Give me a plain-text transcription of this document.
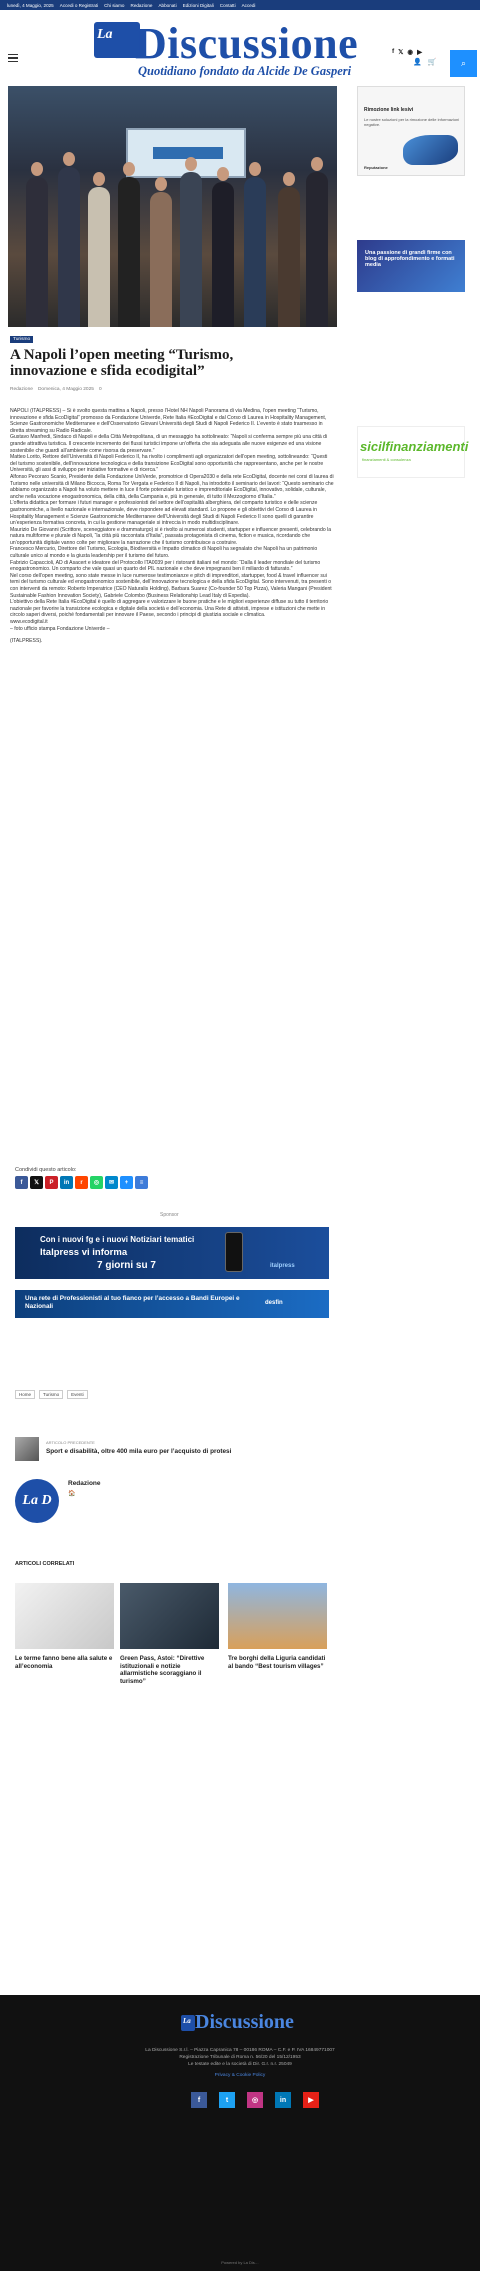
lunedì, 4 Maggio, 2025 Accedi o Registrati Chi siamo Redazione Abbonati Edizioni Digitali Contatti Accedi
La Discussione
Quotidiano fondato da Alcide De Gasperi
f 𝕏 ◉ ▶
👤 🛒	⌕
Rimozione link lesivi
Le nostre soluzioni per la rimozione delle informazioni negative.
Reputazione
Una passione di grandi firme con blog di approfondimento e formati media
sicilfinanziamenti
finanziamenti & consulenza
Turismo
A Napoli l’open meeting “Turismo, innovazione e sfida ecodigital”
Redazione Domenica, 4 Maggio 2025 0

NAPOLI (ITALPRESS) – Si è svolto questa mattina a Napoli, presso l’Hotel NH Napoli Panorama di via Medina, l’open meeting “Turismo, innovazione e sfida EcoDigital” promosso da Fondazione Univerde, Rete Italia #EcoDigital e dal Corso di Laurea in Hospitality Management, Scienze Gastronomiche Mediterranee e dell’Osservatorio Giovani Università degli Studi di Napoli Federico II. L’evento è stato trasmesso in diretta streaming su Radio Radicale.

Gustavo Manfredi, Sindaco di Napoli e della Città Metropolitana, di un messaggio ha sottolineato: “Napoli si conferma sempre più una città di grande attrattiva turistica. Il crescente incremento dei flussi turistici impone un’offerta che sia adeguata alle nuove esigenze ed una visione sostenibile che guardi all’ambiente come risorsa da preservare.”

Matteo Lorito, Rettore dell’Università di Napoli Federico II, ha rivolto i complimenti agli organizzatori dell’open meeting, sottolineando: “Questi del turismo sostenibile, dell’innovazione tecnologica e della transizione EcoDigital sono opportunità che rappresentano, anche per le nostre Università, gli assi di sviluppo per iniziative formative e di ricerca.”

Alfonso Pecoraro Scanio, Presidente della Fondazione UniVerde, promotrice di Opera2030 e della rete EcoDigital, docente nei corsi di laurea di Turismo nelle università di Milano Bicocca, Roma Tor Vergata e Federico II di Napoli, ha introdotto il seminario dei lavori: “Questo seminario che abbiamo organizzato a Napoli ha voluto mettere in luce il forte potenziale turistico e imprenditoriale EcoDigital, innovativo, solidale, culturale, anche nella vocazione enogastronomica, della città, della Campania e, più in generale, di tutto il Mezzogiorno d’Italia.”

L’offerta didattica per formare i futuri manager e professionisti del settore dell’ospitalità alberghiera, del comparto turistico e delle scienze gastronomiche, a livello nazionale e internazionale, deve rispondere ad elevati standard. Lo propone e gli obiettivi del Corso di Laurea in Hospitality Management e Scienze Gastronomiche Mediterranee dell’Università degli Studi di Napoli Federico II sono quelli di garantire un’esperienza formativa concreta, in cui la gestione manageriale si intreccia in modo multidisciplinare.

Maurizio De Giovanni (Scrittore, sceneggiatore e drammaturgo) si è rivolto ai numerosi studenti, startupper e influencer presenti, celebrando la natura multiforme e plurale di Napoli, “la città più raccontata d’Italia”, passata protagonista di cinema, fiction e musica, ricordando che un’opportunità digitale vanno colte per migliorare la narrazione che il turismo contribuisce a costruire.

Francesco Mercurio, Direttore del Turismo, Ecologia, Biodiversità e Impatto climatico di Napoli ha segnalato che Napoli ha un patrimonio culturale unico al mondo e la giusta leadership per il turismo del futuro.

Fabrizio Capaccioli, AD di Asacert e ideatore del Protocollo ITA0039 per i ristoranti italiani nel mondo: “Dalla il leader mondiale del turismo enogastronomico. Un comparto che vale quasi un quarto del PIL nazionale e che deve impegnarsi ben il miliardo di fatturato.”

Nel corso dell’open meeting, sono state messe in luce numerose testimonianze e pitch di imprenditori, startupper, food & travel influencer sui temi del turismo culturale ed enogastronomico sostenibile, dell’innovazione tecnologica e della sfida EcoDigital. Sono intervenuti, tra presenti o con interventi da remoto: Roberto Imperatrice (CEO Naturalis Holding), Barbara Suarez (Co-founder 50 Top Pizza), Valeria Mangani (President Sustainable Fashion Innovation Society), Gabriele Colombo (Business Relationship Lead Italy di Expedia).

L’obiettivo della Rete Italia #EcoDigital è quello di aggregare e valorizzare le buone pratiche e le migliori esperienze diffuse su tutto il territorio nazionale per favorire la transizione ecologica e digitale della società e dell’economia. Una Rete di attivisti, imprese e istituzioni che mette in circolo saperi diversi, poiché fondamentali per innovare il Paese, secondo i principi di giustizia sociale e climatica.

www.ecodigital.it

– foto ufficio stampa Fondazione Univerde –

(ITALPRESS).

Condividi questo articolo:
f	𝕏	P	in	r	◎	✉	+	≡
Sponsor
Con i nuovi fg e i nuovi Notiziari tematici
Italpress vi informa
7 giorni su 7	italpress
Una rete di Professionisti al tuo fianco per l’accesso a Bandi Europei e Nazionali	desfin
Home	Turismo	Eventi
ARTICOLO PRECEDENTE
Sport e disabilità, oltre 400 mila euro per l’acquisto di protesi
La D
Redazione
🏠
ARTICOLI CORRELATI
Le terme fanno bene alla salute e all’economia
Green Pass, Astoi: “Direttive istituzionali e notizie allarmistiche scoraggiano il turismo”
Tre borghi della Liguria candidati al bando “Best tourism villages”
La Discussione
La Discussione S.r.l. – Piazza Capranica 78 – 00186 ROMA – C.F. e P. IVA 16849771007
Registrazione Tribunale di Roma n. 56/20 del 15/12/1953
Le testate edite e la società di Dir. G.r. n.r. 25049
Privacy & Cookie Policy
f	t	◎	in	▶
Powered by La Dis…
